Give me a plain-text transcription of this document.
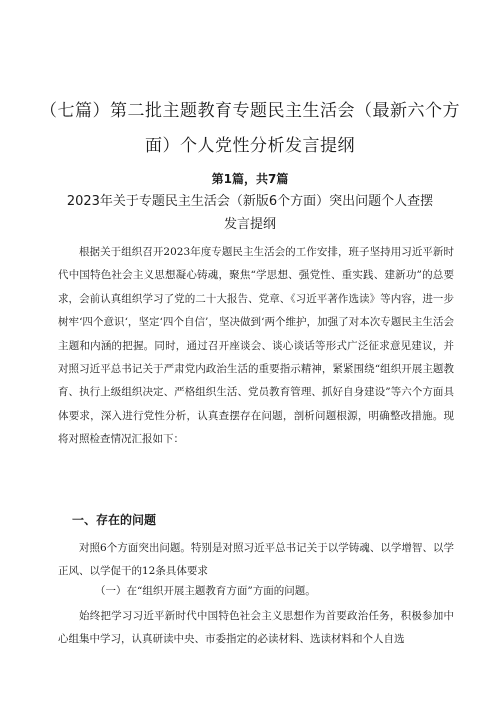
（七篇）第二批主题教育专题民主生活会（最新六个方
面）个人党性分析发言提纲
第1篇，共7篇
2023年关于专题民主生活会（新版6个方面）突出问题个人查摆
发言提纲

根据关于组织召开2023年度专题民主生活会的工作安排，班子坚持用习近平新时代中国特色社会主义思想凝心铸魂，聚焦“学思想、强党性、重实践、建新功”的总要求，会前认真组织学习了党的二十大报告、党章、《习近平著作选读》等内容，进一步树牢‘四个意识‘，坚定‘四个自信’，坚决做到‘两个维护，加强了对本次专题民主生活会主题和内涵的把握。同时，通过召开座谈会、谈心谈话等形式广泛征求意见建议，并对照习近平总书记关于严肃党内政治生活的重要指示精神，紧紧围绕“组织开展主题教育、执行上级组织决定、严格组织生活、党员教育管理、抓好自身建设”等六个方面具体要求，深入进行党性分析，认真查摆存在问题，剖析问题根源，明确整改措施。现将对照检查情况汇报如下：

一、存在的问题

对照6个方面突出问题。特别是对照习近平总书记关于以学铸魂、以学增智、以学正风、以学促干的12条具体要求

（一）在“组织开展主题教育方面”方面的问题。

始终把学习习近平新时代中国特色社会主义思想作为首要政治任务，积极参加中心组集中学习，认真研读中央、市委指定的必读材料、选读材料和个人自选
